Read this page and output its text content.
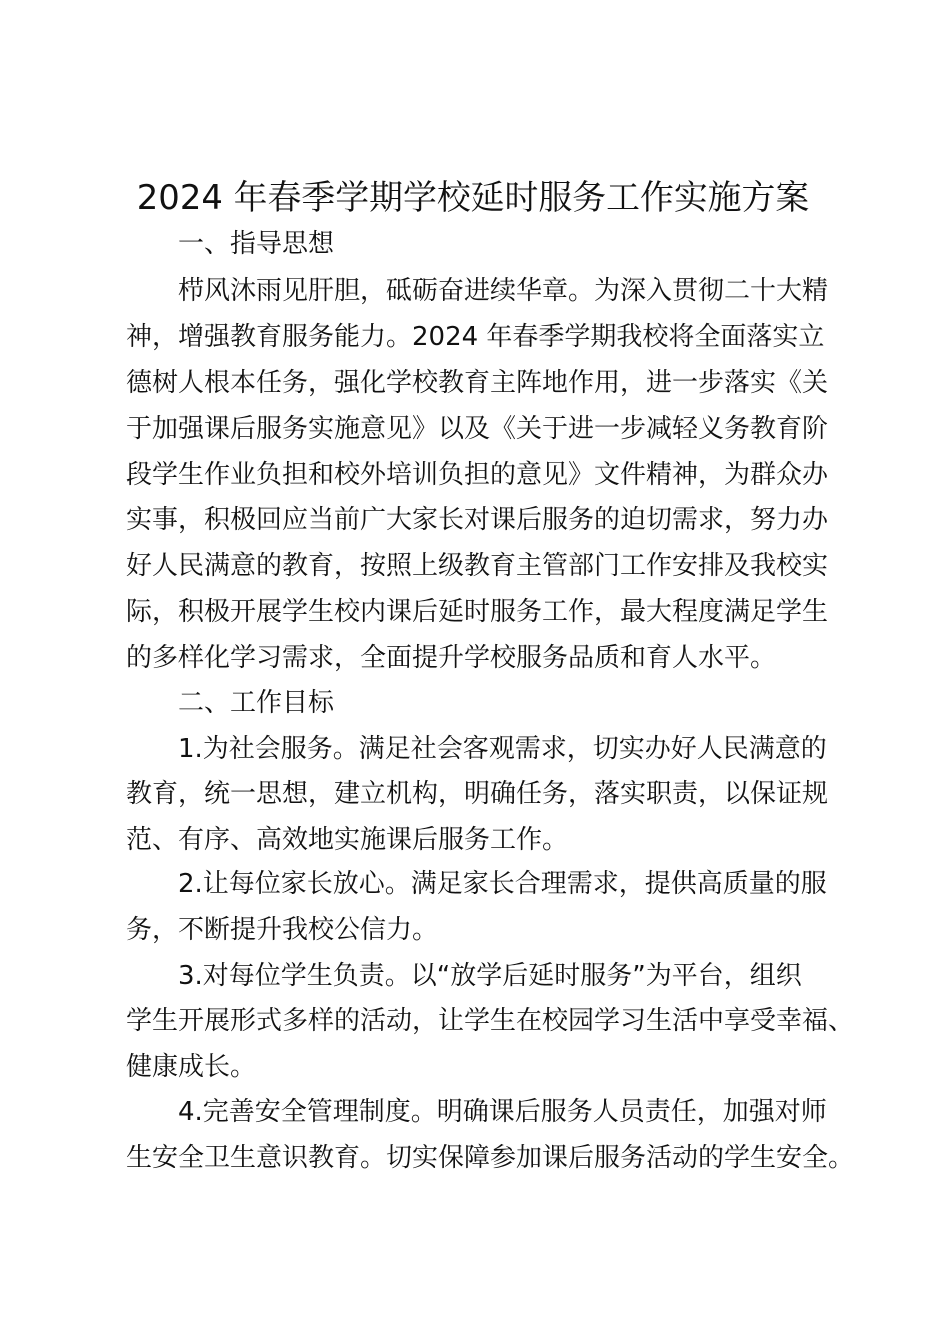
2024 年春季学期学校延时服务工作实施方案
一、指导思想
栉风沐雨见肝胆，砥砺奋进续华章。为深入贯彻二十大精
神，增强教育服务能力。2024 年春季学期我校将全面落实立
德树人根本任务，强化学校教育主阵地作用，进一步落实《关
于加强课后服务实施意见》以及《关于进一步减轻义务教育阶
段学生作业负担和校外培训负担的意见》文件精神，为群众办
实事，积极回应当前广大家长对课后服务的迫切需求，努力办
好人民满意的教育，按照上级教育主管部门工作安排及我校实
际，积极开展学生校内课后延时服务工作，最大程度满足学生
的多样化学习需求，全面提升学校服务品质和育人水平。
二、工作目标
1.为社会服务。满足社会客观需求，切实办好人民满意的
教育，统一思想，建立机构，明确任务，落实职责，以保证规
范、有序、高效地实施课后服务工作。
2.让每位家长放心。满足家长合理需求，提供高质量的服
务，不断提升我校公信力。
3.对每位学生负责。以“放学后延时服务”为平台，组织
学生开展形式多样的活动，让学生在校园学习生活中享受幸福、
健康成长。
4.完善安全管理制度。明确课后服务人员责任，加强对师
生安全卫生意识教育。切实保障参加课后服务活动的学生安全。
